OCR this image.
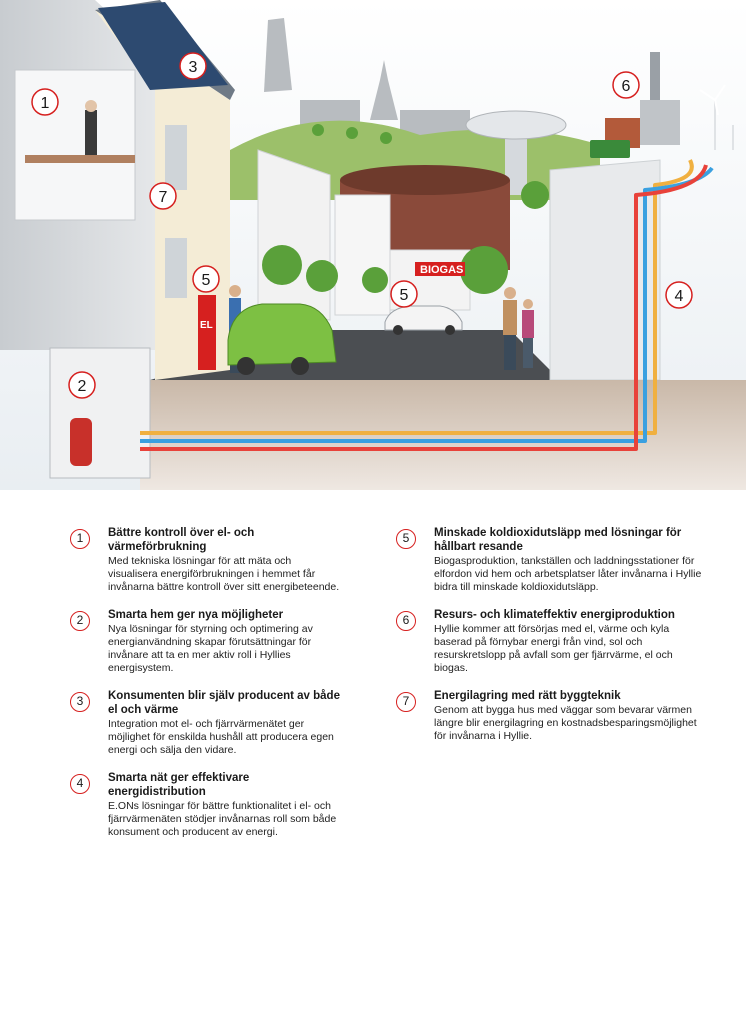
BIOGAS
EL
1
2
3
4
5
5
6
7
1	Bättre kontroll över el- och värmeförbrukning

Med tekniska lösningar för att mäta och visualisera energiförbrukningen i hemmet får invånarna bättre kontroll över sitt energibeteende.

2	Smarta hem ger nya möjligheter

Nya lösningar för styrning och optimering av energianvändning skapar förutsättningar för invånare att ta en mer aktiv roll i Hyllies energisystem.

3	Konsumenten blir själv producent av både el och värme

Integration mot el- och fjärrvärmenätet ger möjlighet för enskilda hushåll att producera egen energi och sälja den vidare.

4	Smarta nät ger effektivare energidistribution

E.ONs lösningar för bättre funktionalitet i el- och fjärrvärmenäten stödjer invånarnas roll som både konsument och producent av energi.

5	Minskade koldioxidutsläpp med lösningar för hållbart resande

Biogasproduktion, tankställen och laddningsstationer för elfordon vid hem och arbetsplatser låter invånarna i Hyllie bidra till minskade koldioxidutsläpp.

6	Resurs- och klimateffektiv energiproduktion

Hyllie kommer att försörjas med el, värme och kyla baserad på förnybar energi från vind, sol och resurskretslopp på avfall som ger fjärrvärme, el och biogas.

7	Energilagring med rätt byggteknik

Genom att bygga hus med väggar som bevarar värmen längre blir energilagring en kostnadsbesparingsmöjlighet för invånarna i Hyllie.
